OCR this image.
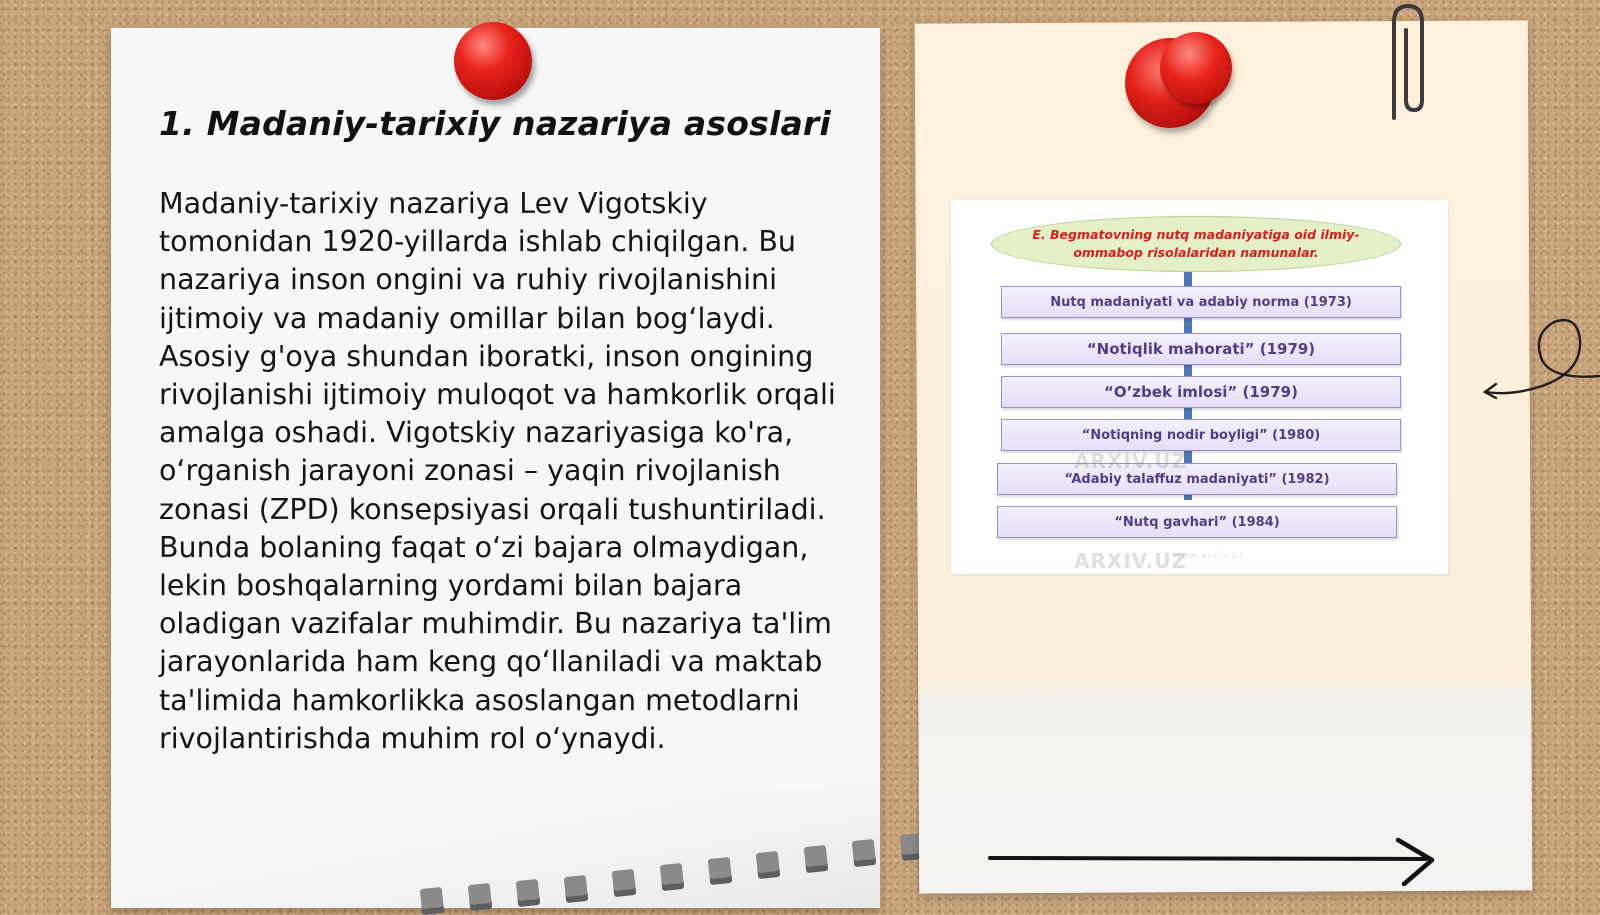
1. Madaniy-tarixiy nazariya asoslari

Madaniy-tarixiy nazariya Lev Vigotskiy tomonidan 1920-yillarda ishlab chiqilgan. Bu nazariya inson ongini va ruhiy rivojlanishini ijtimoiy va madaniy omillar bilan bog‘laydi. Asosiy g'oya shundan iboratki, inson ongining rivojlanishi ijtimoiy muloqot va hamkorlik orqali amalga oshadi. Vigotskiy nazariyasiga ko'ra, o‘rganish jarayoni zonasi – yaqin rivojlanish zonasi (ZPD) konsepsiyasi orqali tushuntiriladi. Bunda bolaning faqat o‘zi bajara olmaydigan, lekin boshqalarning yordami bilan bajara oladigan vazifalar muhimdir. Bu nazariya ta'lim jarayonlarida ham keng qo‘llaniladi va maktab ta'limida hamkorlikka asoslangan metodlarni rivojlantirishda muhim rol o‘ynaydi.

E. Begmatovning nutq madaniyatiga oid ilmiy-ommabop risolalaridan namunalar.
Nutq madaniyati va adabiy norma (1973)
“Notiqlik mahorati” (1979)
“O’zbek imlosi” (1979)
“Notiqning nodir boyligi” (1980)
“Adabiy talaffuz madaniyati” (1982)
“Nutq gavhari” (1984)
ARXIV.UZ
www.arxiv.uz
ARXIV.UZ
